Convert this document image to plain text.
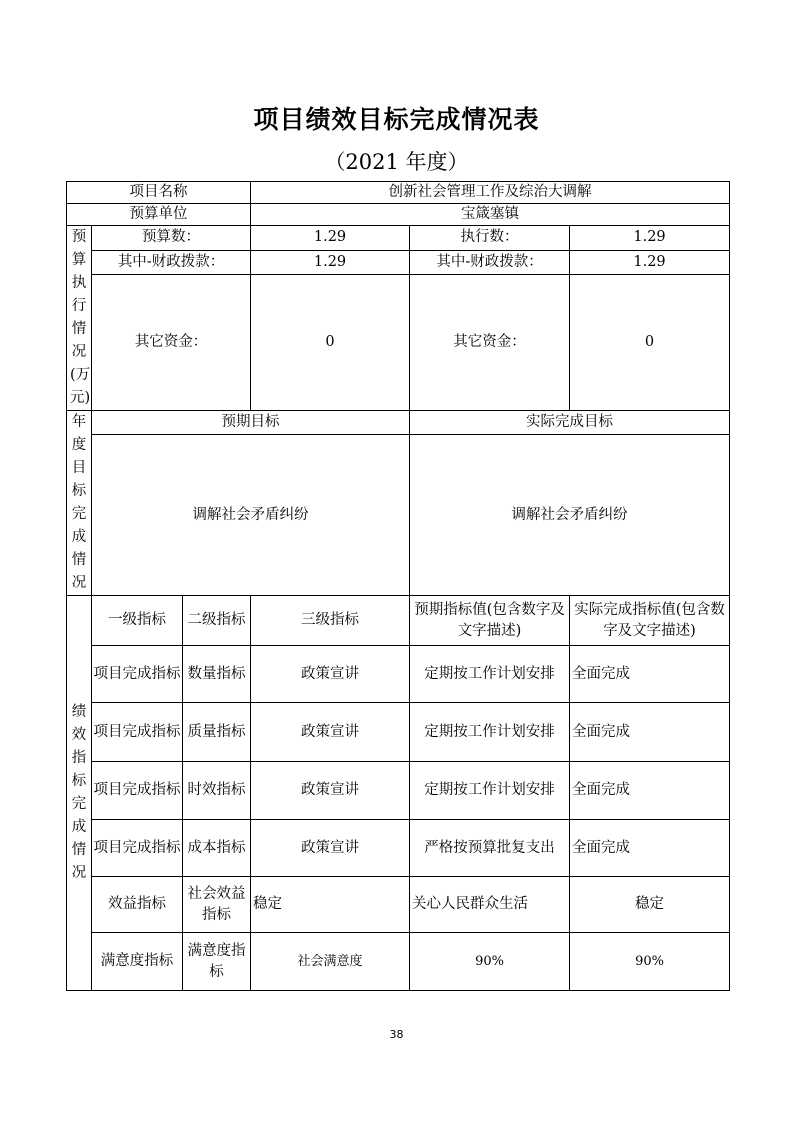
项目绩效目标完成情况表
（2021 年度）
项目名称			创新社会管理工作及综治大调解		
预算单位			宝箴塞镇		
预算执行情况(万元)	预算数：		1.29	执行数：	1.29
	其中-财政拨款：		1.29	其中-财政拨款：	1.29
	其它资金：		0	其它资金：	0
年度目标完成情况	预期目标			实际完成目标	
	调解社会矛盾纠纷			调解社会矛盾纠纷	
绩效指标完成情况	一级指标	二级指标	三级指标	预期指标值(包含数字及文字描述)	实际完成指标值(包含数字及文字描述)
	项目完成指标	数量指标	政策宣讲	定期按工作计划安排	全面完成
	项目完成指标	质量指标	政策宣讲	定期按工作计划安排	全面完成
	项目完成指标	时效指标	政策宣讲	定期按工作计划安排	全面完成
	项目完成指标	成本指标	政策宣讲	严格按预算批复支出	全面完成
	效益指标	社会效益指标	稳定	关心人民群众生活	稳定
	满意度指标	满意度指标	社会满意度	90%	90%
38
